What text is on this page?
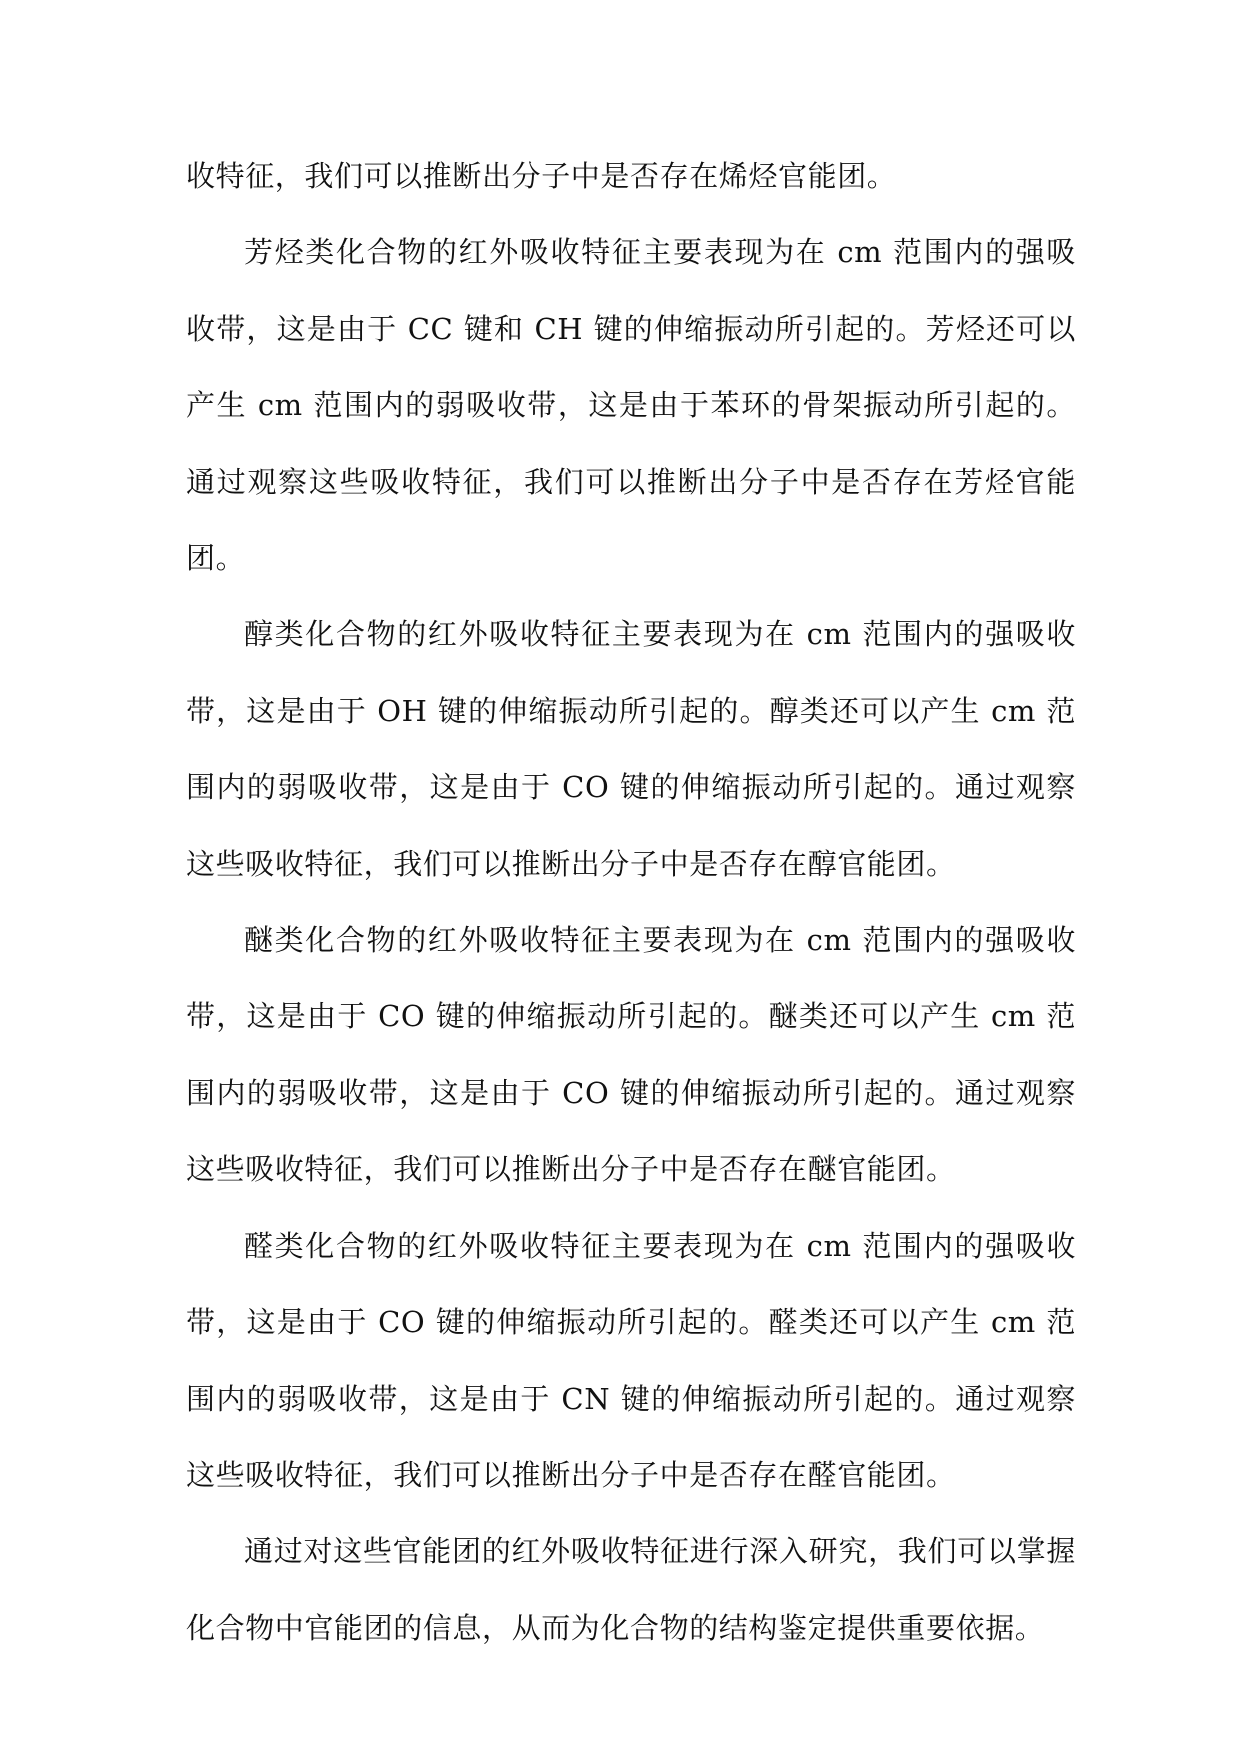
收特征，我们可以推断出分子中是否存在烯烃官能团。

芳烃类化合物的红外吸收特征主要表现为在 cm 范围内的强吸收带，这是由于 CC 键和 CH 键的伸缩振动所引起的。芳烃还可以产生 cm 范围内的弱吸收带，这是由于苯环的骨架振动所引起的。通过观察这些吸收特征，我们可以推断出分子中是否存在芳烃官能团。

醇类化合物的红外吸收特征主要表现为在 cm 范围内的强吸收带，这是由于 OH 键的伸缩振动所引起的。醇类还可以产生 cm 范围内的弱吸收带，这是由于 CO 键的伸缩振动所引起的。通过观察这些吸收特征，我们可以推断出分子中是否存在醇官能团。

醚类化合物的红外吸收特征主要表现为在 cm 范围内的强吸收带，这是由于 CO 键的伸缩振动所引起的。醚类还可以产生 cm 范围内的弱吸收带，这是由于 CO 键的伸缩振动所引起的。通过观察这些吸收特征，我们可以推断出分子中是否存在醚官能团。

醛类化合物的红外吸收特征主要表现为在 cm 范围内的强吸收带，这是由于 CO 键的伸缩振动所引起的。醛类还可以产生 cm 范围内的弱吸收带，这是由于 CN 键的伸缩振动所引起的。通过观察这些吸收特征，我们可以推断出分子中是否存在醛官能团。

通过对这些官能团的红外吸收特征进行深入研究，我们可以掌握化合物中官能团的信息，从而为化合物的结构鉴定提供重要依据。
